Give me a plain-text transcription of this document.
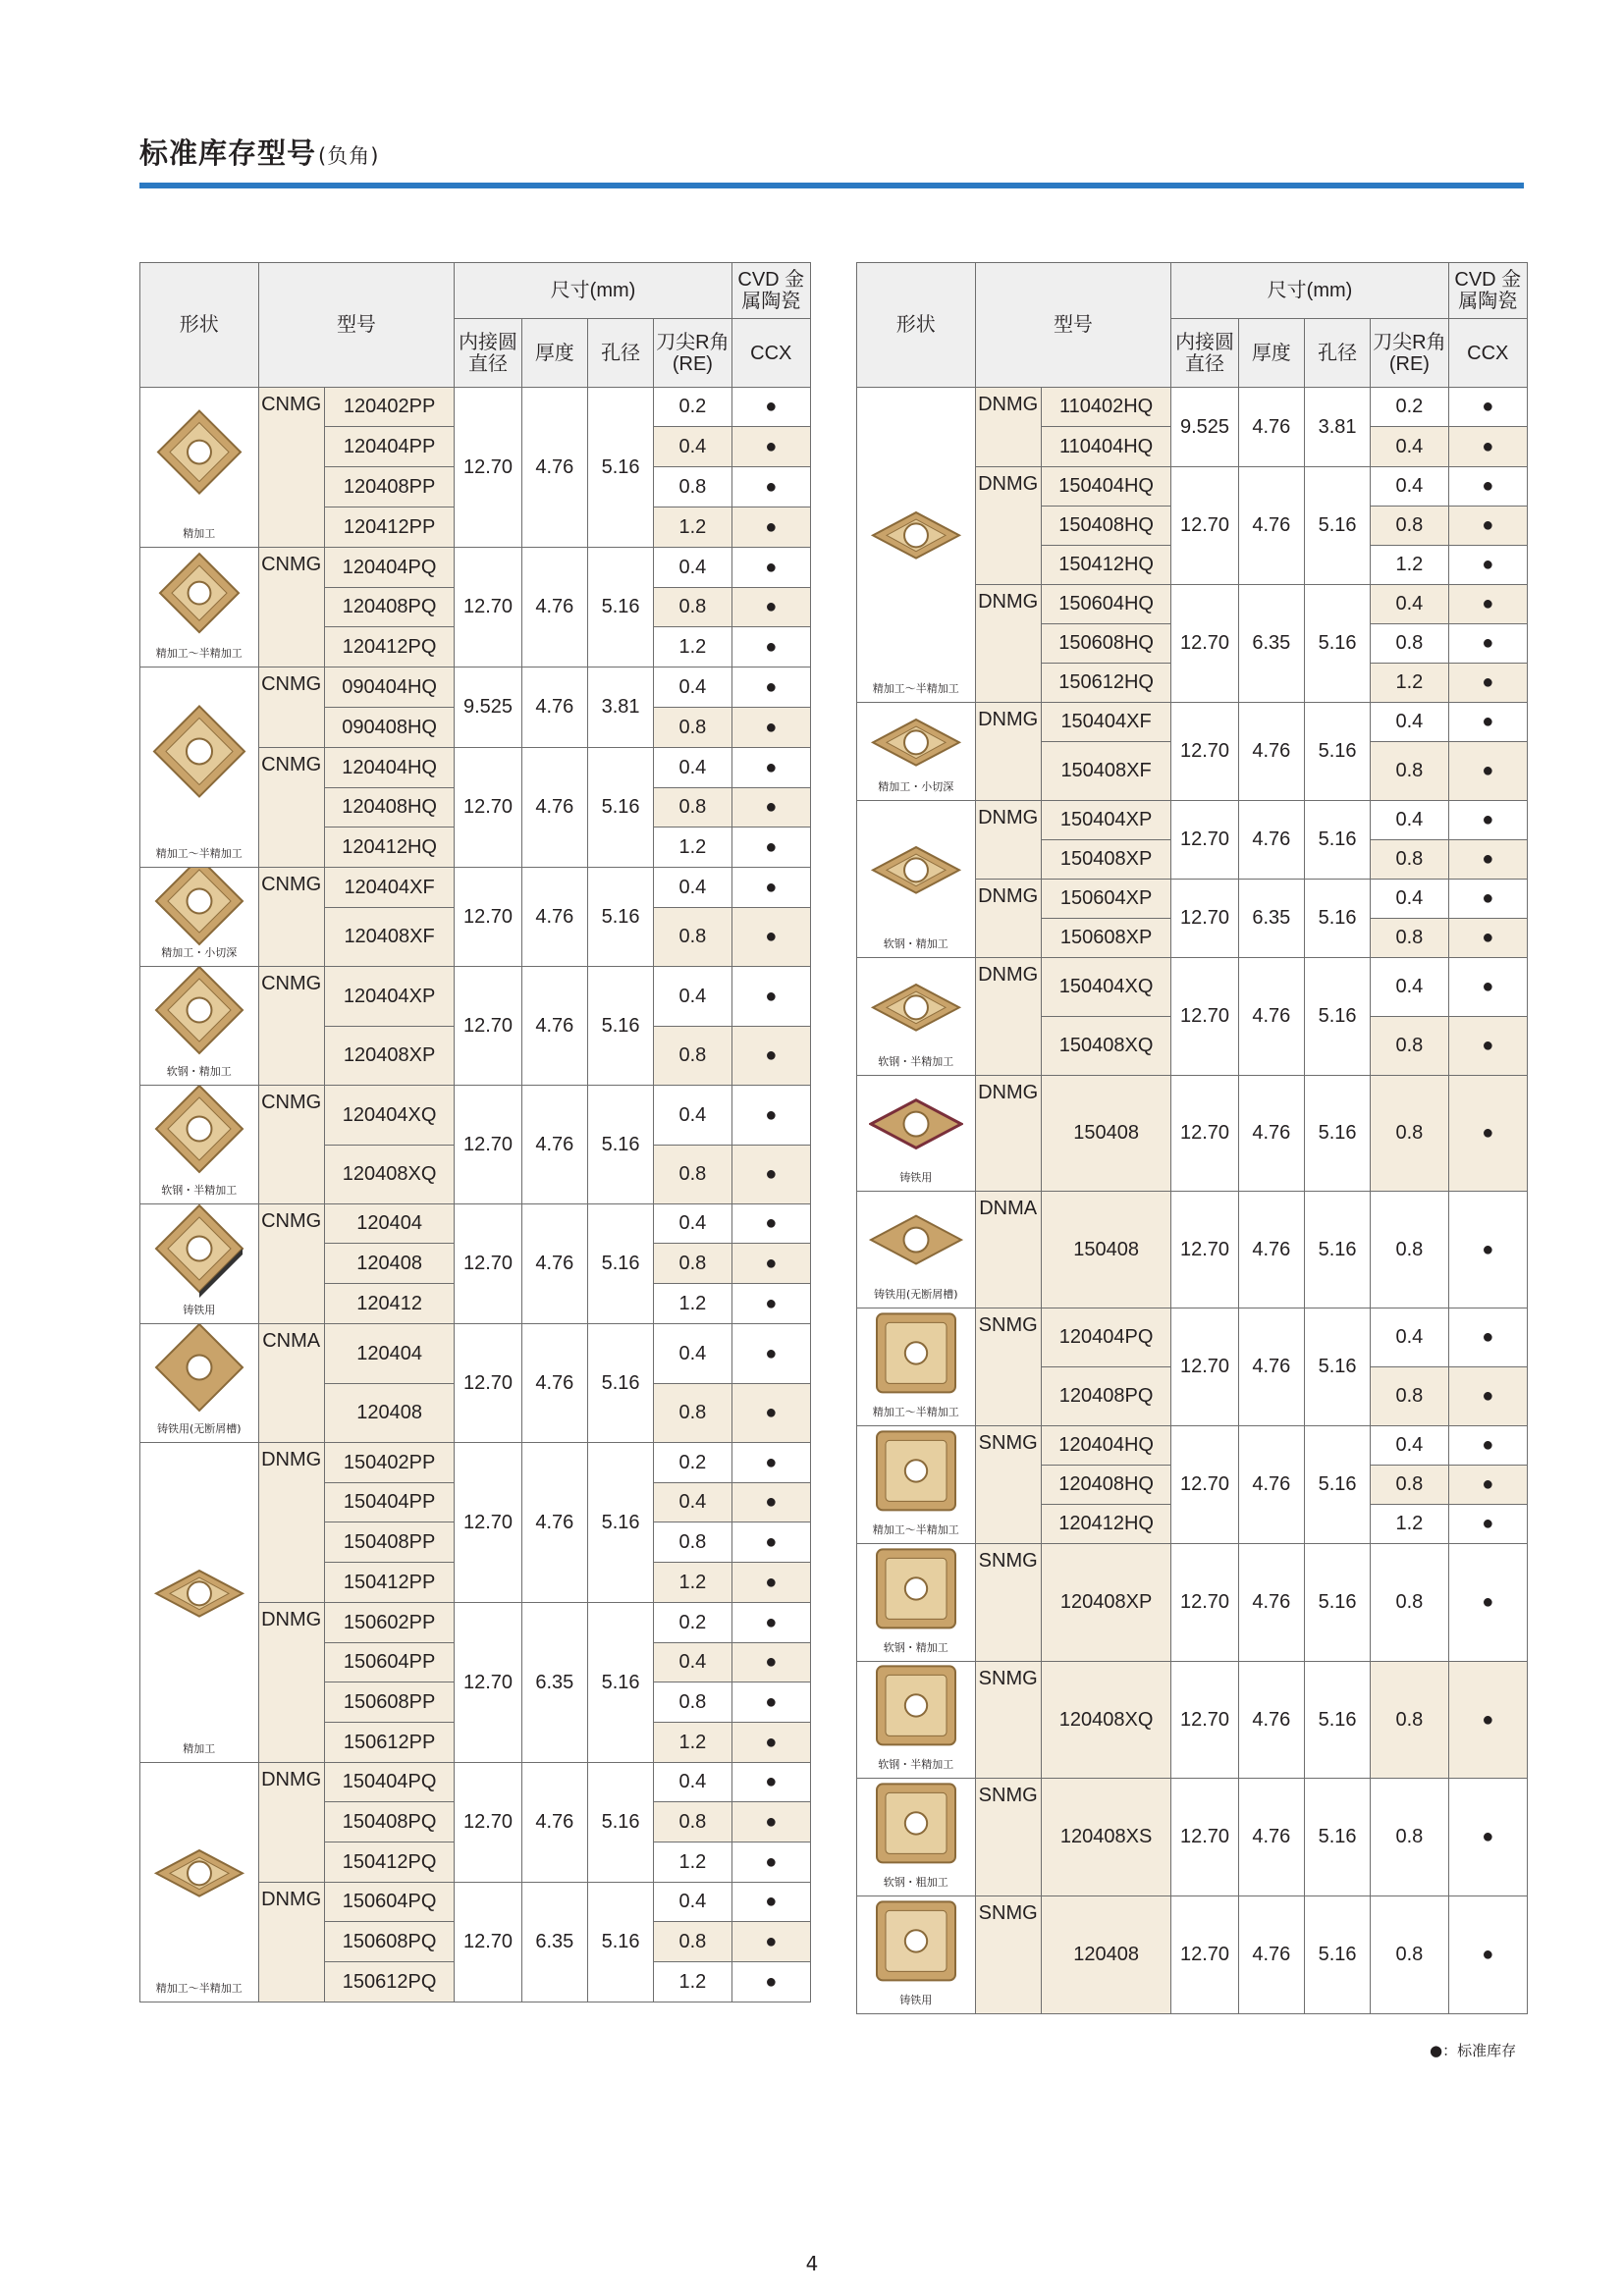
标准库存型号(负角)
形状	型号		尺寸(mm)				CVD 金属陶瓷
			内接圆 直径	厚度	孔径	刀尖R角 (RE)	CCX

精加工	CNMG	120402PP	12.70	4.76	5.16	0.2	●
		120404PP				0.4	●
		120408PP				0.8	●
		120412PP				1.2	●

精加工～半精加工	CNMG	120404PQ	12.70	4.76	5.16	0.4	●
		120408PQ				0.8	●
		120412PQ				1.2	●

精加工～半精加工	CNMG	090404HQ	9.525	4.76	3.81	0.4	●
		090408HQ				0.8	●
	CNMG	120404HQ	12.70	4.76	5.16	0.4	●
		120408HQ				0.8	●
		120412HQ				1.2	●

精加工・小切深	CNMG	120404XF	12.70	4.76	5.16	0.4	●
		120408XF				0.8	●

软钢・精加工	CNMG	120404XP	12.70	4.76	5.16	0.4	●
		120408XP				0.8	●

软钢・半精加工	CNMG	120404XQ	12.70	4.76	5.16	0.4	●
		120408XQ				0.8	●

铸铁用	CNMG	120404	12.70	4.76	5.16	0.4	●
		120408				0.8	●
		120412				1.2	●

铸铁用(无断屑槽)	CNMA	120404	12.70	4.76	5.16	0.4	●
		120408				0.8	●

精加工	DNMG	150402PP	12.70	4.76	5.16	0.2	●
		150404PP				0.4	●
		150408PP				0.8	●
		150412PP				1.2	●
	DNMG	150602PP	12.70	6.35	5.16	0.2	●
		150604PP				0.4	●
		150608PP				0.8	●
		150612PP				1.2	●

精加工～半精加工	DNMG	150404PQ	12.70	4.76	5.16	0.4	●
		150408PQ				0.8	●
		150412PQ				1.2	●
	DNMG	150604PQ	12.70	6.35	5.16	0.4	●
		150608PQ				0.8	●
		150612PQ				1.2	●
形状	型号		尺寸(mm)				CVD 金属陶瓷
			内接圆 直径	厚度	孔径	刀尖R角 (RE)	CCX

精加工～半精加工	DNMG	110402HQ	9.525	4.76	3.81	0.2	●
		110404HQ				0.4	●
	DNMG	150404HQ	12.70	4.76	5.16	0.4	●
		150408HQ				0.8	●
		150412HQ				1.2	●
	DNMG	150604HQ	12.70	6.35	5.16	0.4	●
		150608HQ				0.8	●
		150612HQ				1.2	●

精加工・小切深	DNMG	150404XF	12.70	4.76	5.16	0.4	●
		150408XF				0.8	●

软钢・精加工	DNMG	150404XP	12.70	4.76	5.16	0.4	●
		150408XP				0.8	●
	DNMG	150604XP	12.70	6.35	5.16	0.4	●
		150608XP				0.8	●

软钢・半精加工	DNMG	150404XQ	12.70	4.76	5.16	0.4	●
		150408XQ				0.8	●

铸铁用	DNMG	150408	12.70	4.76	5.16	0.8	●

铸铁用(无断屑槽)	DNMA	150408	12.70	4.76	5.16	0.8	●

精加工～半精加工	SNMG	120404PQ	12.70	4.76	5.16	0.4	●
		120408PQ				0.8	●

精加工～半精加工	SNMG	120404HQ	12.70	4.76	5.16	0.4	●
		120408HQ				0.8	●
		120412HQ				1.2	●

软钢・精加工	SNMG	120408XP	12.70	4.76	5.16	0.8	●

软钢・半精加工	SNMG	120408XQ	12.70	4.76	5.16	0.8	●

软钢・粗加工	SNMG	120408XS	12.70	4.76	5.16	0.8	●

铸铁用	SNMG	120408	12.70	4.76	5.16	0.8	●
●：标准库存
4
